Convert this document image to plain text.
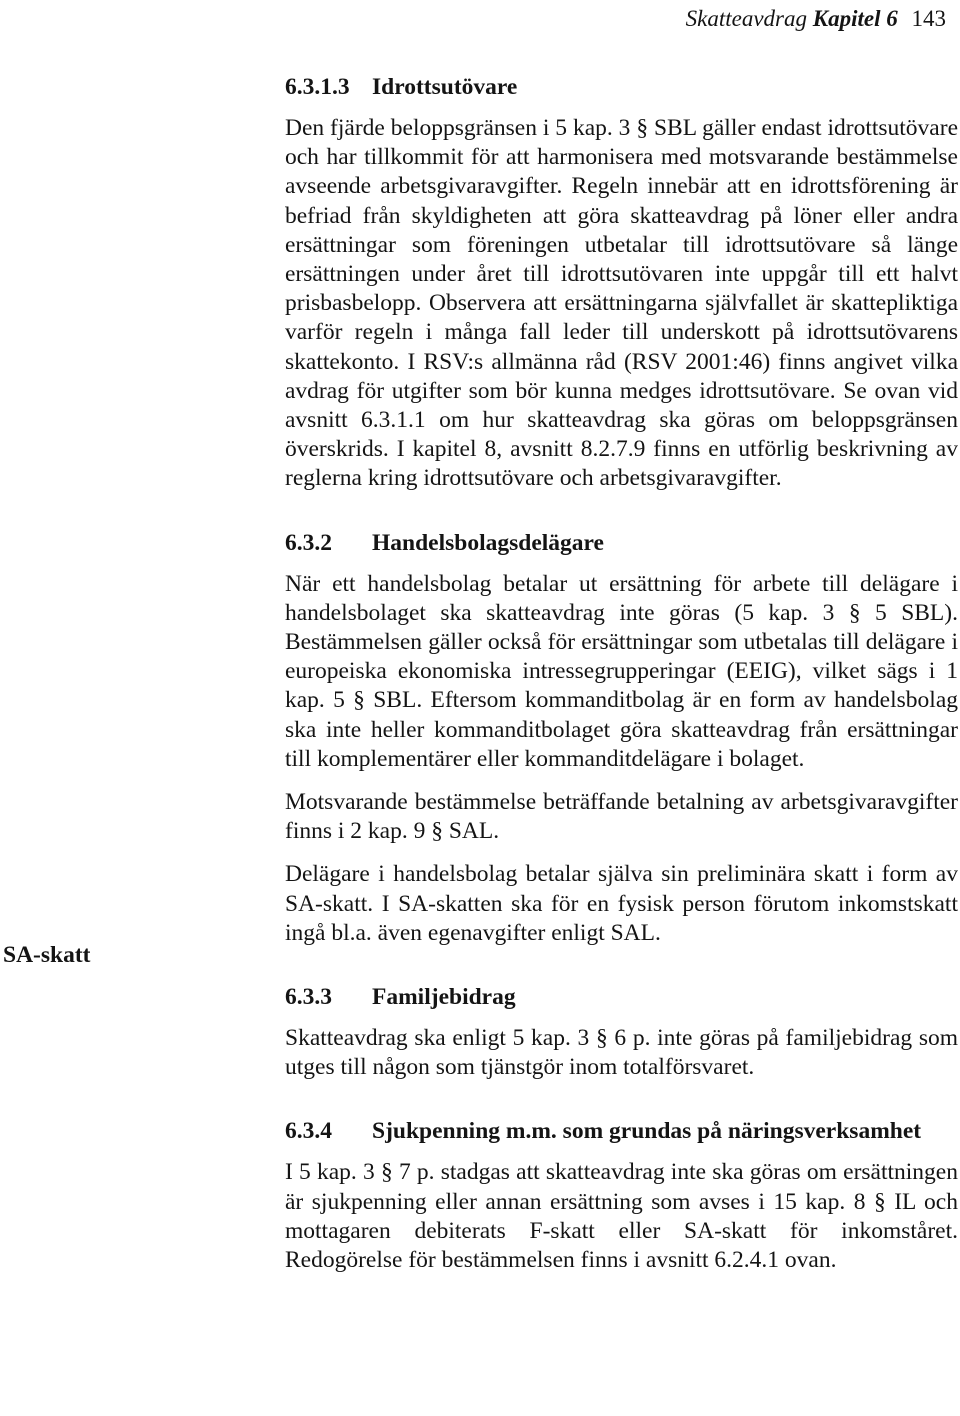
Skatteavdrag Kapitel 6 143
SA-skatt
6.3.1.3 Idrottsutövare

Den fjärde beloppsgränsen i 5 kap. 3 § SBL gäller endast idrottsutövare och har tillkommit för att harmonisera med motsvarande bestämmelse avseende arbetsgivaravgifter. Regeln innebär att en idrottsförening är befriad från skyldigheten att göra skatteavdrag på löner eller andra ersättningar som föreningen utbetalar till idrottsutövare så länge ersättningen under året till idrottsutövaren inte uppgår till ett halvt prisbasbelopp. Observera att ersättningarna självfallet är skattepliktiga varför regeln i många fall leder till underskott på idrottsutövarens skattekonto. I RSV:s allmänna råd (RSV 2001:46) finns angivet vilka avdrag för utgifter som bör kunna medges idrottsutövare. Se ovan vid avsnitt 6.3.1.1 om hur skatteavdrag ska göras om beloppsgränsen överskrids. I kapitel 8, avsnitt 8.2.7.9 finns en utförlig beskrivning av reglerna kring idrottsutövare och arbetsgivaravgifter.

6.3.2	Handelsbolagsdelägare

När ett handelsbolag betalar ut ersättning för arbete till delägare i handelsbolaget ska skatteavdrag inte göras (5 kap. 3 § 5 SBL). Bestämmelsen gäller också för ersättningar som utbetalas till delägare i europeiska ekonomiska intressegrupperingar (EEIG), vilket sägs i 1 kap. 5 § SBL. Eftersom kommanditbolag är en form av handelsbolag ska inte heller kommanditbolaget göra skatteavdrag från ersättningar till komplementärer eller kommanditdelägare i bolaget.

Motsvarande bestämmelse beträffande betalning av arbetsgivaravgifter finns i 2 kap. 9 § SAL.

Delägare i handelsbolag betalar själva sin preliminära skatt i form av SA-skatt. I SA-skatten ska för en fysisk person förutom inkomstskatt ingå bl.a. även egenavgifter enligt SAL.

6.3.3	Familjebidrag

Skatteavdrag ska enligt 5 kap. 3 § 6 p. inte göras på familjebidrag som utges till någon som tjänstgör inom totalförsvaret.

6.3.4	Sjukpenning m.m. som grundas på näringsverksamhet

I 5 kap. 3 § 7 p. stadgas att skatteavdrag inte ska göras om ersättningen är sjukpenning eller annan ersättning som avses i 15 kap. 8 § IL och mottagaren debiterats F-skatt eller SA-skatt för inkomståret. Redogörelse för bestämmelsen finns i avsnitt 6.2.4.1 ovan.
